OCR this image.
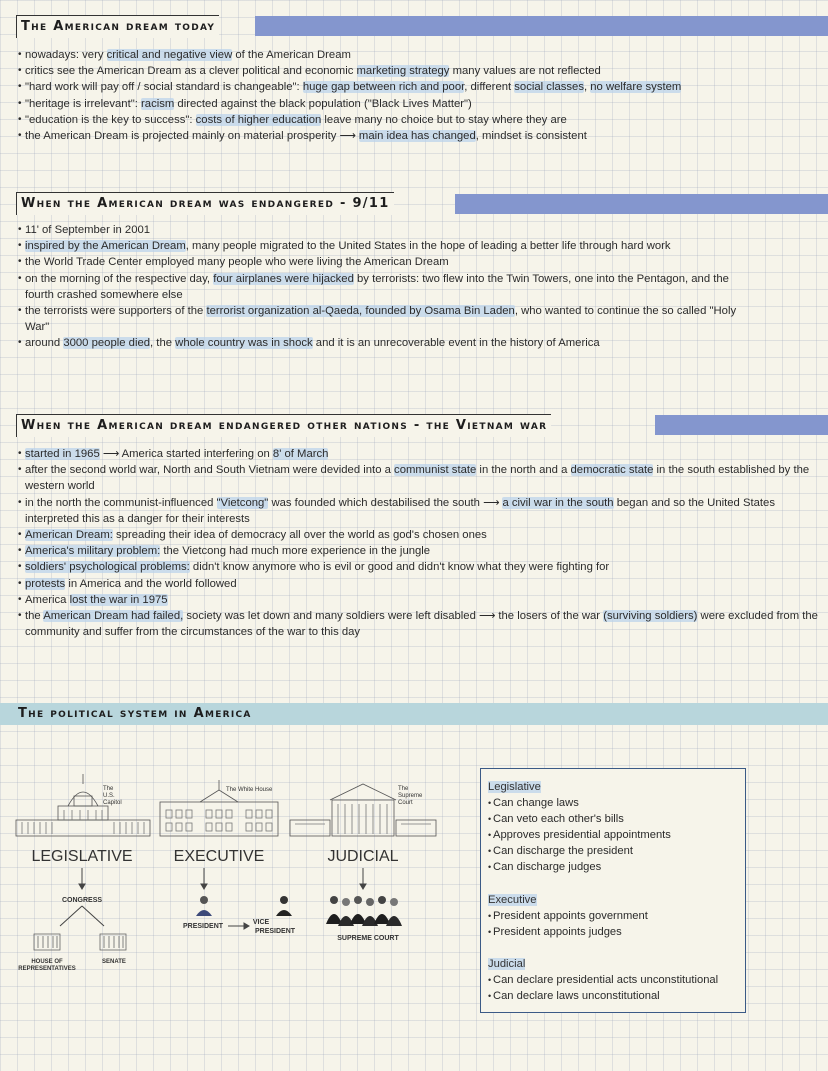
The American dream today
• nowadays: very critical and negative view of the American Dream
• critics see the American Dream as a clever political and economic marketing strategy many values are not reflected
• "hard work will pay off / social standard is changeable": huge gap between rich and poor, different social classes, no welfare system
• "heritage is irrelevant": racism directed against the black population ("Black Lives Matter")
• "education is the key to success": costs of higher education leave many no choice but to stay where they are
• the American Dream is projected mainly on material prosperity ⟶ main idea has changed, mindset is consistent
When the American dream was endangered - 9/11
• 11' of September in 2001
• inspired by the American Dream, many people migrated to the United States in the hope of leading a better life through hard work
• the World Trade Center employed many people who were living the American Dream
• on the morning of the respective day, four airplanes were hijacked by terrorists: two flew into the Twin Towers, one into the Pentagon, and the fourth crashed somewhere else
• the terrorists were supporters of the terrorist organization al-Qaeda, founded by Osama Bin Laden, who wanted to continue the so called "Holy War"
• around 3000 people died, the whole country was in shock and it is an unrecoverable event in the history of America
When the American dream endangered other nations - the Vietnam war
• started in 1965 ⟶ America started interfering on 8' of March
• after the second world war, North and South Vietnam were devided into a communist state in the north and a democratic state in the south established by the western world
• in the north the communist-influenced "Vietcong" was founded which destabilised the south ⟶ a civil war in the south began and so the United States interpreted this as a danger for their interests
• American Dream: spreading their idea of democracy all over the world as god's chosen ones
• America's military problem: the Vietcong had much more experience in the jungle
• soldiers' psychological problems: didn't know anymore who is evil or good and didn't know what they were fighting for
• protests in America and the world followed
• America lost the war in 1975
• the American Dream had failed, society was let down and many soldiers were left disabled ⟶ the losers of the war (surviving soldiers) were excluded from the community and suffer from the circumstances of the war to this day
The political system in America
The
U.S.
Capitol
The White House	The
Supreme
Court
LEGISLATIVE	EXECUTIVE	JUDICIAL
CONGRESS
HOUSE OF
REPRESENTATIVES
SENATE
PRESIDENT
VICE
PRESIDENT
SUPREME COURT
Legislative
• Can change laws
• Can veto each other's bills
• Approves presidential appointments
• Can discharge the president
• Can discharge judges
Executive
• President appoints government
• President appoints judges
Judicial
• Can declare presidential acts unconstitutional
• Can declare laws unconstitutional
